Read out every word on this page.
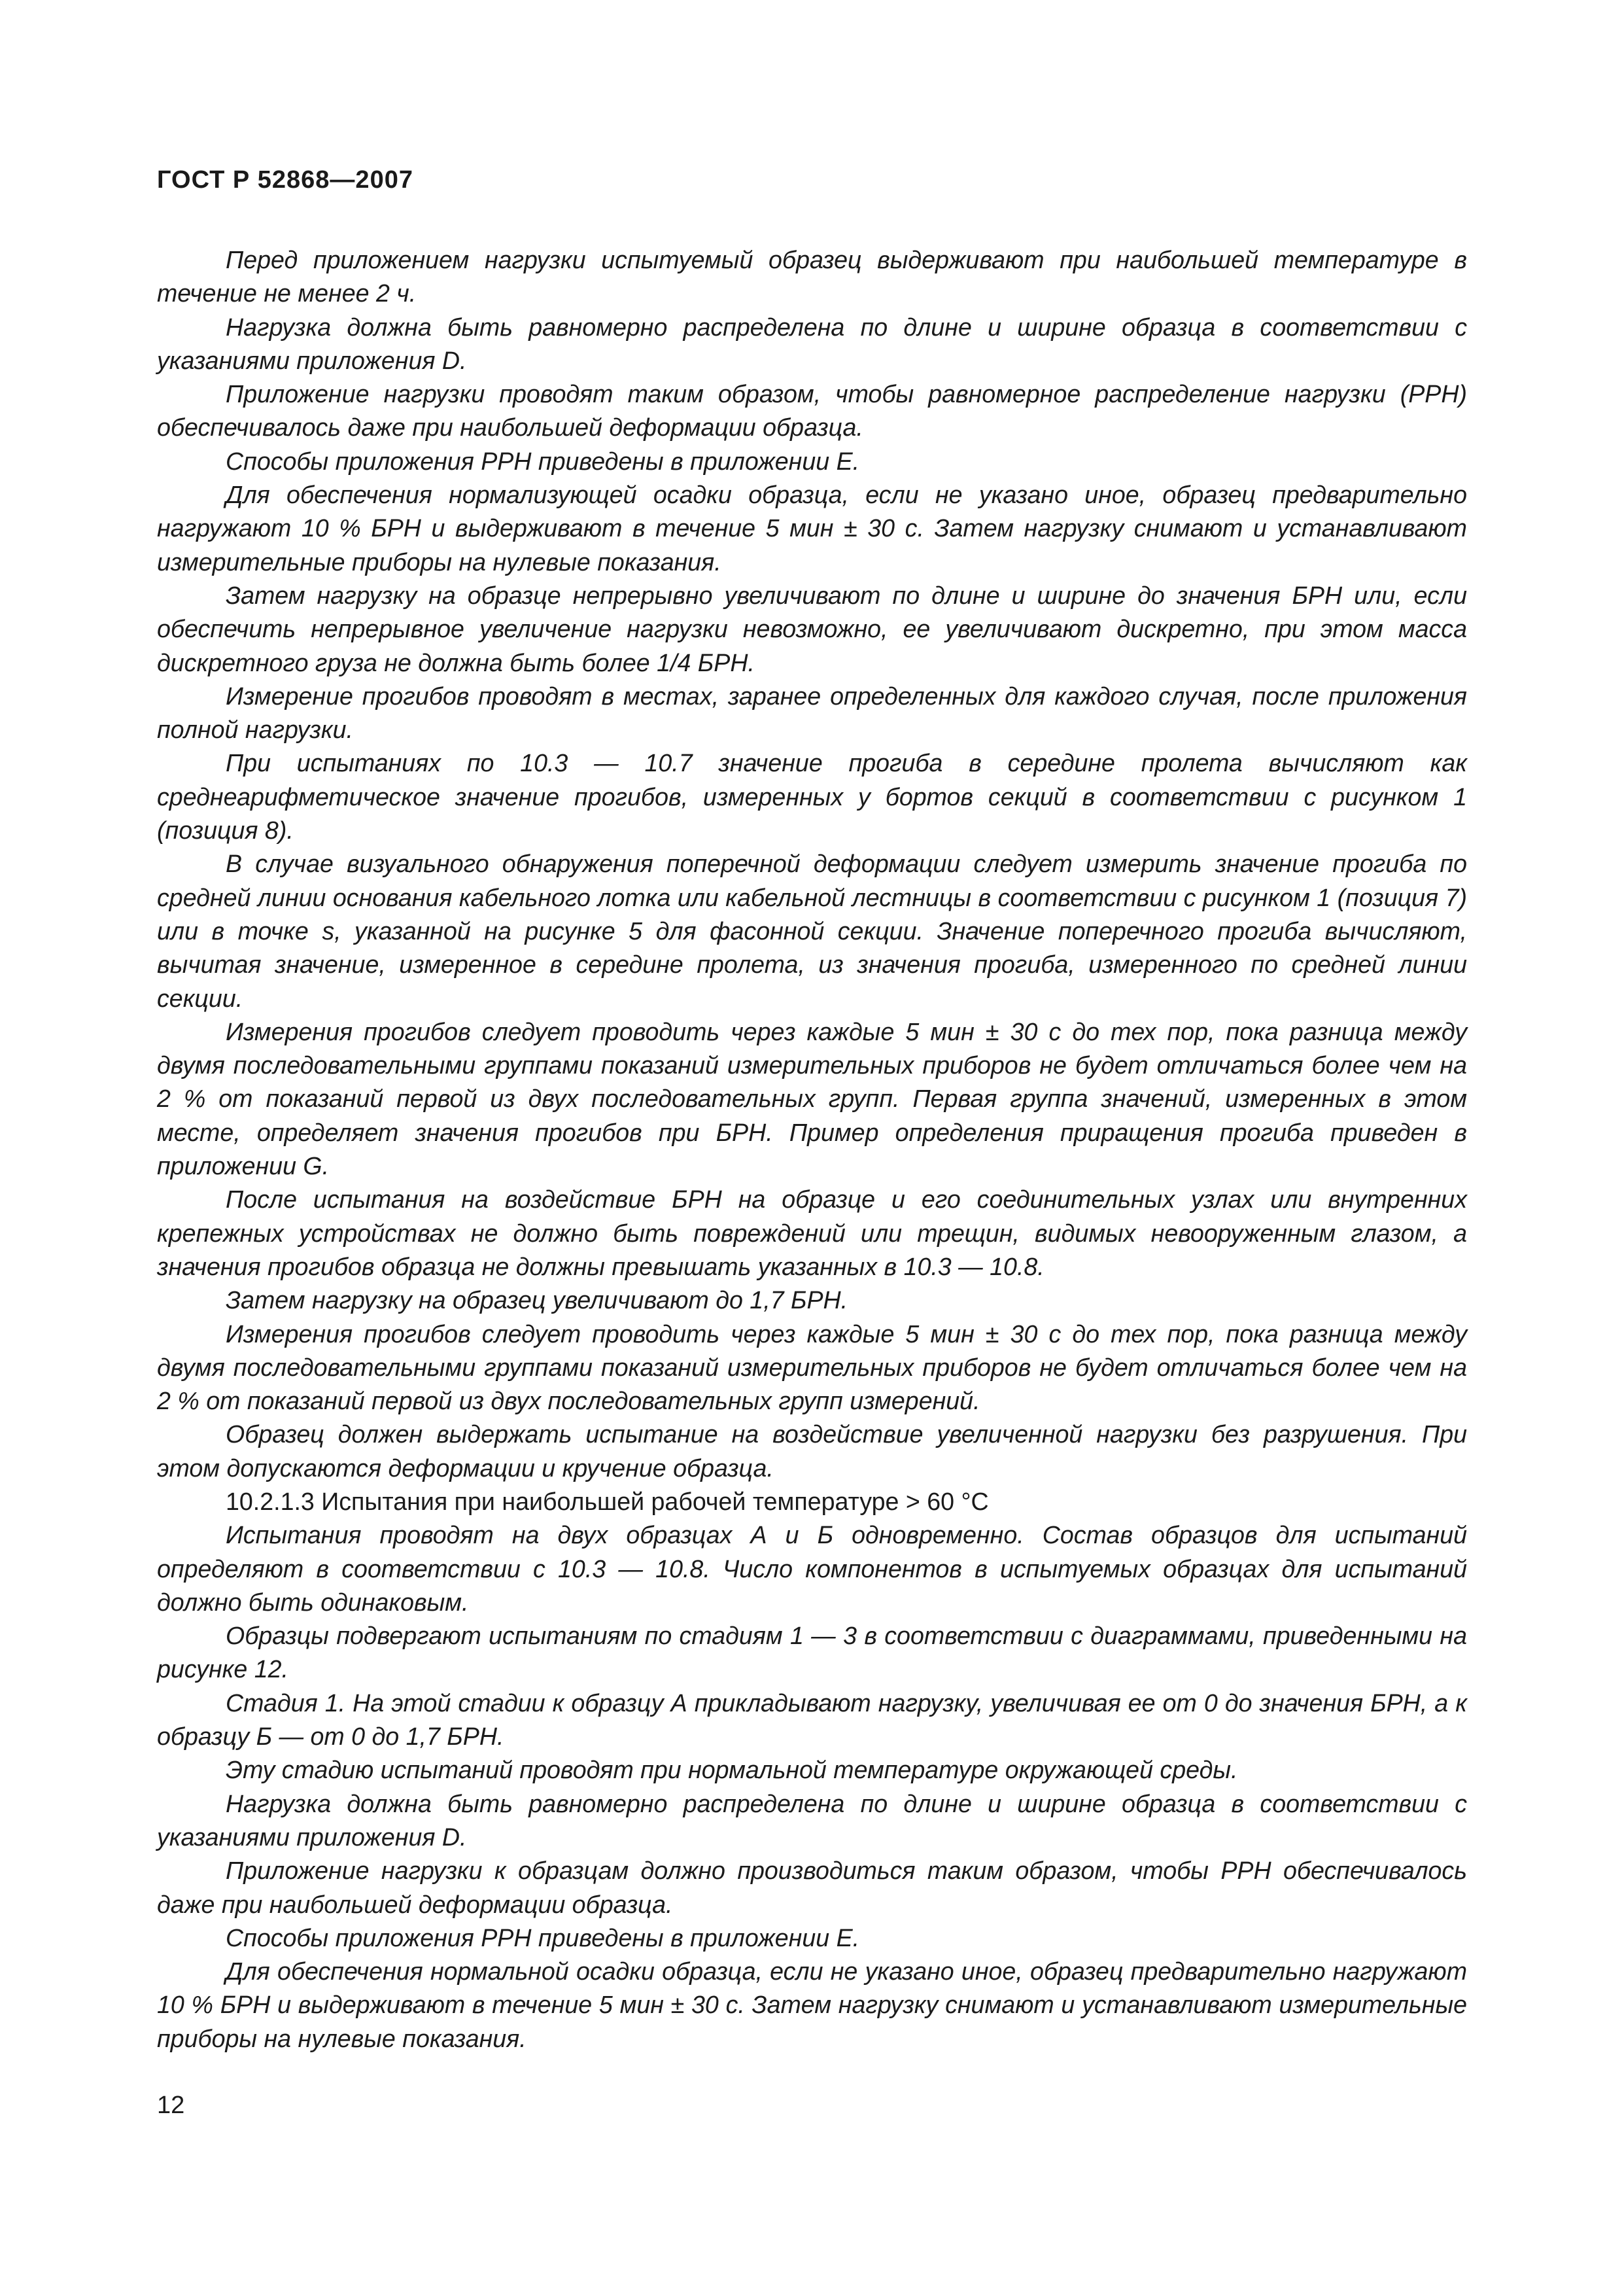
ГОСТ Р 52868—2007

Перед приложением нагрузки испытуемый образец выдерживают при наибольшей температуре в течение не менее 2 ч.

Нагрузка должна быть равномерно распределена по длине и ширине образца в соответствии с указаниями приложения D.

Приложение нагрузки проводят таким образом, чтобы равномерное распределение нагрузки (РРН) обеспечивалось даже при наибольшей деформации образца.

Способы приложения РРН приведены в приложении Е.

Для обеспечения нормализующей осадки образца, если не указано иное, образец предварительно нагружают 10 % БРН и выдерживают в течение 5 мин ± 30 с. Затем нагрузку снимают и устанавливают измерительные приборы на нулевые показания.

Затем нагрузку на образце непрерывно увеличивают по длине и ширине до значения БРН или, если обеспечить непрерывное увеличение нагрузки невозможно, ее увеличивают дискретно, при этом масса дискретного груза не должна быть более 1/4 БРН.

Измерение прогибов проводят в местах, заранее определенных для каждого случая, после приложения полной нагрузки.

При испытаниях по 10.3 — 10.7 значение прогиба в середине пролета вычисляют как среднеарифметическое значение прогибов, измеренных у бортов секций в соответствии с рисунком 1 (позиция 8).

В случае визуального обнаружения поперечной деформации следует измерить значение прогиба по средней линии основания кабельного лотка или кабельной лестницы в соответствии с рисунком 1 (позиция 7) или в точке s, указанной на рисунке 5 для фасонной секции. Значение поперечного прогиба вычисляют, вычитая значение, измеренное в середине пролета, из значения прогиба, измеренного по средней линии секции.

Измерения прогибов следует проводить через каждые 5 мин ± 30 с до тех пор, пока разница между двумя последовательными группами показаний измерительных приборов не будет отличаться более чем на 2 % от показаний первой из двух последовательных групп. Первая группа значений, измеренных в этом месте, определяет значения прогибов при БРН. Пример определения приращения прогиба приведен в приложении G.

После испытания на воздействие БРН на образце и его соединительных узлах или внутренних крепежных устройствах не должно быть повреждений или трещин, видимых невооруженным глазом, а значения прогибов образца не должны превышать указанных в 10.3 — 10.8.

Затем нагрузку на образец увеличивают до 1,7 БРН.

Измерения прогибов следует проводить через каждые 5 мин ± 30 с до тех пор, пока разница между двумя последовательными группами показаний измерительных приборов не будет отличаться более чем на 2 % от показаний первой из двух последовательных групп измерений.

Образец должен выдержать испытание на воздействие увеличенной нагрузки без разрушения. При этом допускаются деформации и кручение образца.

10.2.1.3 Испытания при наибольшей рабочей температуре > 60 °С

Испытания проводят на двух образцах А и Б одновременно. Состав образцов для испытаний определяют в соответствии с 10.3 — 10.8. Число компонентов в испытуемых образцах для испытаний должно быть одинаковым.

Образцы подвергают испытаниям по стадиям 1 — 3 в соответствии с диаграммами, приведенными на рисунке 12.

Стадия 1. На этой стадии к образцу А прикладывают нагрузку, увеличивая ее от 0 до значения БРН, а к образцу Б — от 0 до 1,7 БРН.

Эту стадию испытаний проводят при нормальной температуре окружающей среды.

Нагрузка должна быть равномерно распределена по длине и ширине образца в соответствии с указаниями приложения D.

Приложение нагрузки к образцам должно производиться таким образом, чтобы РРН обеспечивалось даже при наибольшей деформации образца.

Способы приложения РРН приведены в приложении Е.

Для обеспечения нормальной осадки образца, если не указано иное, образец предварительно нагружают 10 % БРН и выдерживают в течение 5 мин ± 30 с. Затем нагрузку снимают и устанавливают измерительные приборы на нулевые показания.

12
